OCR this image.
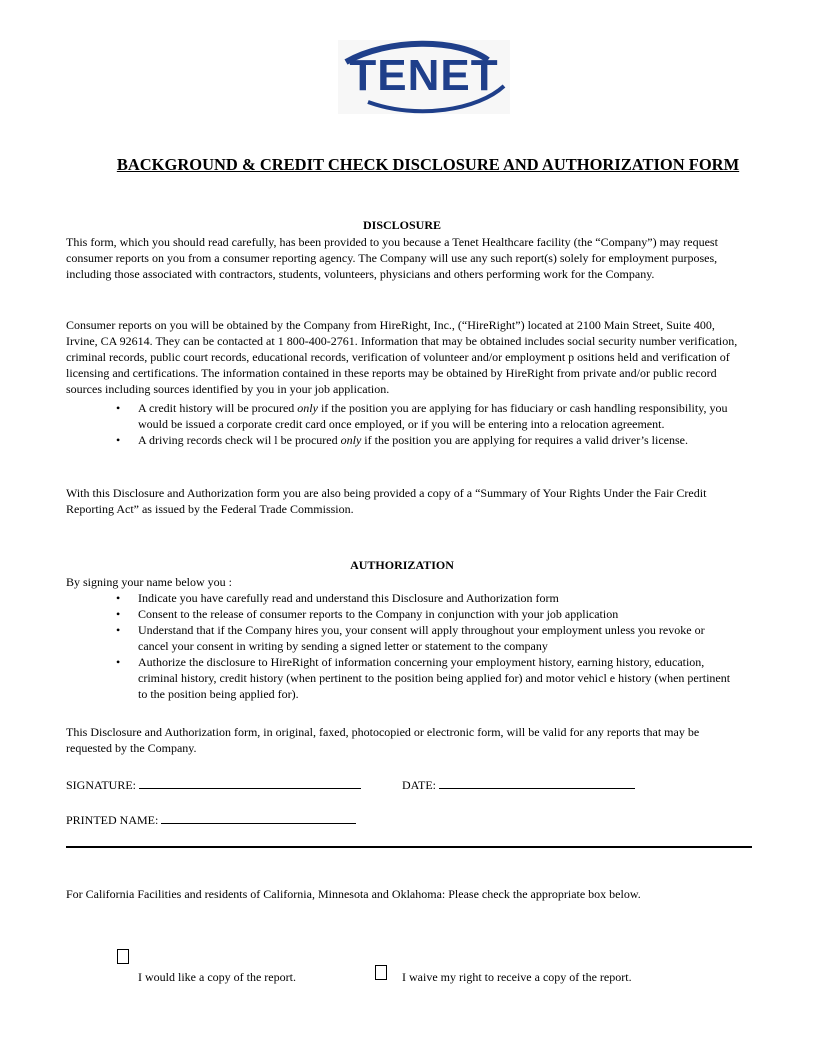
TENET
BACKGROUND & CREDIT CHECK DISCLOSURE AND AUTHORIZATION FORM
DISCLOSURE
This form, which you should read carefully, has been provided to you because a Tenet Healthcare facility (the “Company”) may request consumer reports on you from a consumer reporting agency. The Company will use any such report(s) solely for employment purposes, including those associated with contractors, students, volunteers, physicians and others performing work for the Company.
Consumer reports on you will be obtained by the Company from HireRight, Inc., (“HireRight”) located at 2100 Main Street, Suite 400, Irvine, CA 92614. They can be contacted at 1 800-400-2761. Information that may be obtained includes social security number verification, criminal records, public court records, educational records, verification of volunteer and/or employment p ositions held and verification of licensing and certifications. The information contained in these reports may be obtained by HireRight from private and/or public record sources including sources identified by you in your job application.
• A credit history will be procured only if the position you are applying for has fiduciary or cash handling responsibility, you would be issued a corporate credit card once employed, or if you will be entering into a relocation agreement.
• A driving records check wil l be procured only if the position you are applying for requires a valid driver’s license.
With this Disclosure and Authorization form you are also being provided a copy of a “Summary of Your Rights Under the Fair Credit Reporting Act” as issued by the Federal Trade Commission.
AUTHORIZATION
By signing your name below you :
• Indicate you have carefully read and understand this Disclosure and Authorization form
• Consent to the release of consumer reports to the Company in conjunction with your job application
• Understand that if the Company hires you, your consent will apply throughout your employment unless you revoke or cancel your consent in writing by sending a signed letter or statement to the company
• Authorize the disclosure to HireRight of information concerning your employment history, earning history, education, criminal history, credit history (when pertinent to the position being applied for) and motor vehicl e history (when pertinent to the position being applied for).
This Disclosure and Authorization form, in original, faxed, photocopied or electronic form, will be valid for any reports that may be requested by the Company.
SIGNATURE:	DATE:
PRINTED NAME:
For California Facilities and residents of California, Minnesota and Oklahoma: Please check the appropriate box below.
I would like a copy of the report.	I waive my right to receive a copy of the report.
